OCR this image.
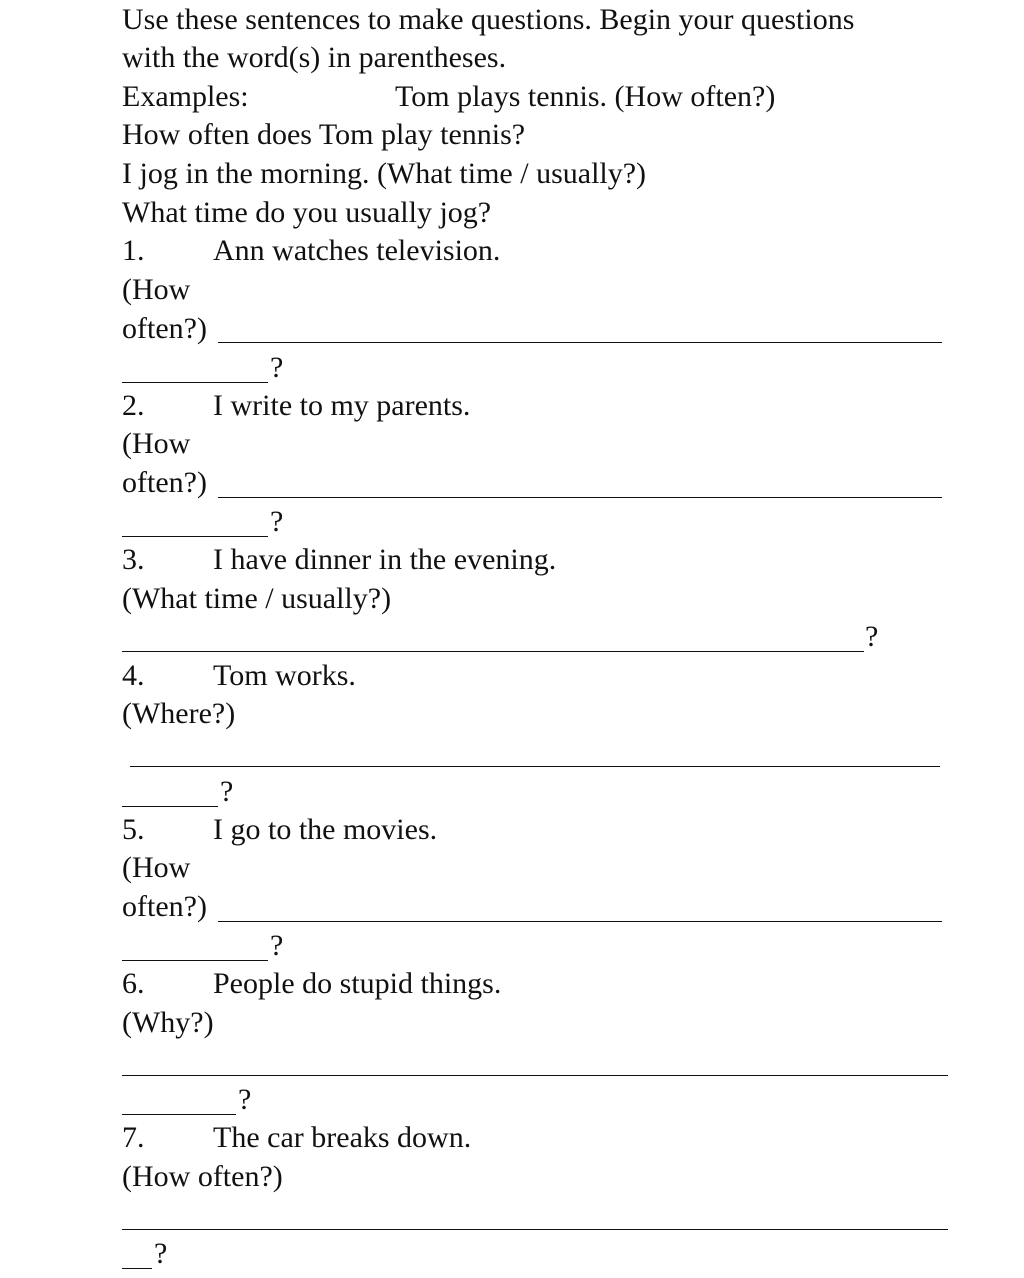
Use these sentences to make questions. Begin your questions
with the word(s) in parentheses.
Examples:	Tom plays tennis. (How often?)
How often does Tom play tennis?
I jog in the morning. (What time / usually?)
What time do you usually jog?
1. Ann watches television.
(How
often?)
?
2. I write to my parents.
(How
often?)
?
3. I have dinner in the evening.
(What time / usually?)
?
4. Tom works.
(Where?)
?
5. I go to the movies.
(How
often?)
?
6. People do stupid things.
(Why?)
?
7. The car breaks down.
(How often?)
?
